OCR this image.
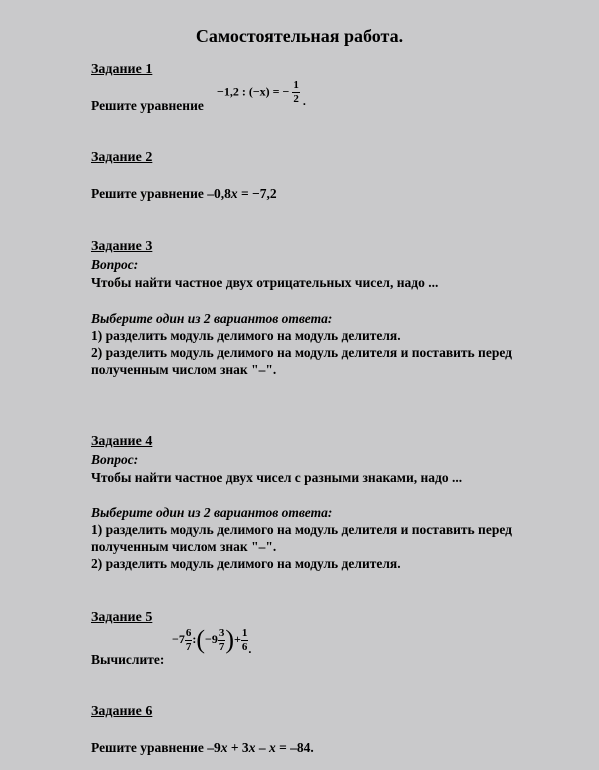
Самостоятельная работа.
Задание 1
Решите уравнение
−1,2 : (−x) = − $\frac{1}{2}$ .
Задание 2
Решите уравнение –0,8x = −7,2
Задание 3
Вопрос:
Чтобы найти частное двух отрицательных чисел, надо ...
Выберите один из 2 вариантов ответа:
1) разделить модуль делимого на модуль делителя.
2) разделить модуль делимого на модуль делителя и поставить перед
полученным числом знак "–".
Задание 4
Вопрос:
Чтобы найти частное двух чисел с разными знаками, надо ...
Выберите один из 2 вариантов ответа:
1) разделить модуль делимого на модуль делителя и поставить перед
полученным числом знак "–".
2) разделить модуль делимого на модуль делителя.
Задание 5
Вычислите:
$-7 \frac{6}{7}$ :(−9 $\frac{3}{7}$ )+ $\frac{1}{6}$ .
Задание 6
Решите уравнение –9x + 3x – x = –84.
